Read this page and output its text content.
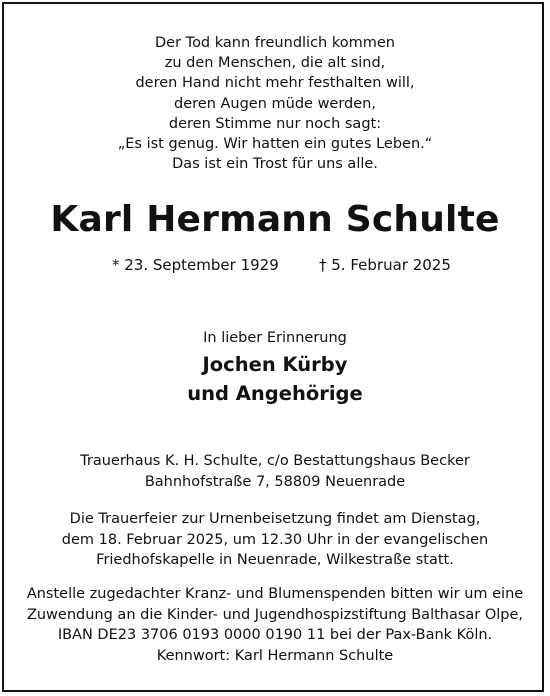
Der Tod kann freundlich kommen
zu den Menschen, die alt sind,
deren Hand nicht mehr festhalten will,
deren Augen müde werden,
deren Stimme nur noch sagt:
„Es ist genug. Wir hatten ein gutes Leben.“
Das ist ein Trost für uns alle.
Karl Hermann Schulte
* 23. September 1929	† 5. Februar 2025
In lieber Erinnerung
Jochen Kürby
und Angehörige
Trauerhaus K. H. Schulte, c/o Bestattungshaus Becker
Bahnhofstraße 7, 58809 Neuenrade
Die Trauerfeier zur Urnenbeisetzung findet am Dienstag,
dem 18. Februar 2025, um 12.30 Uhr in der evangelischen
Friedhofskapelle in Neuenrade, Wilkestraße statt.
Anstelle zugedachter Kranz- und Blumenspenden bitten wir um eine
Zuwendung an die Kinder- und Jugendhospizstiftung Balthasar Olpe,
IBAN DE23 3706 0193 0000 0190 11 bei der Pax-Bank Köln.
Kennwort: Karl Hermann Schulte
